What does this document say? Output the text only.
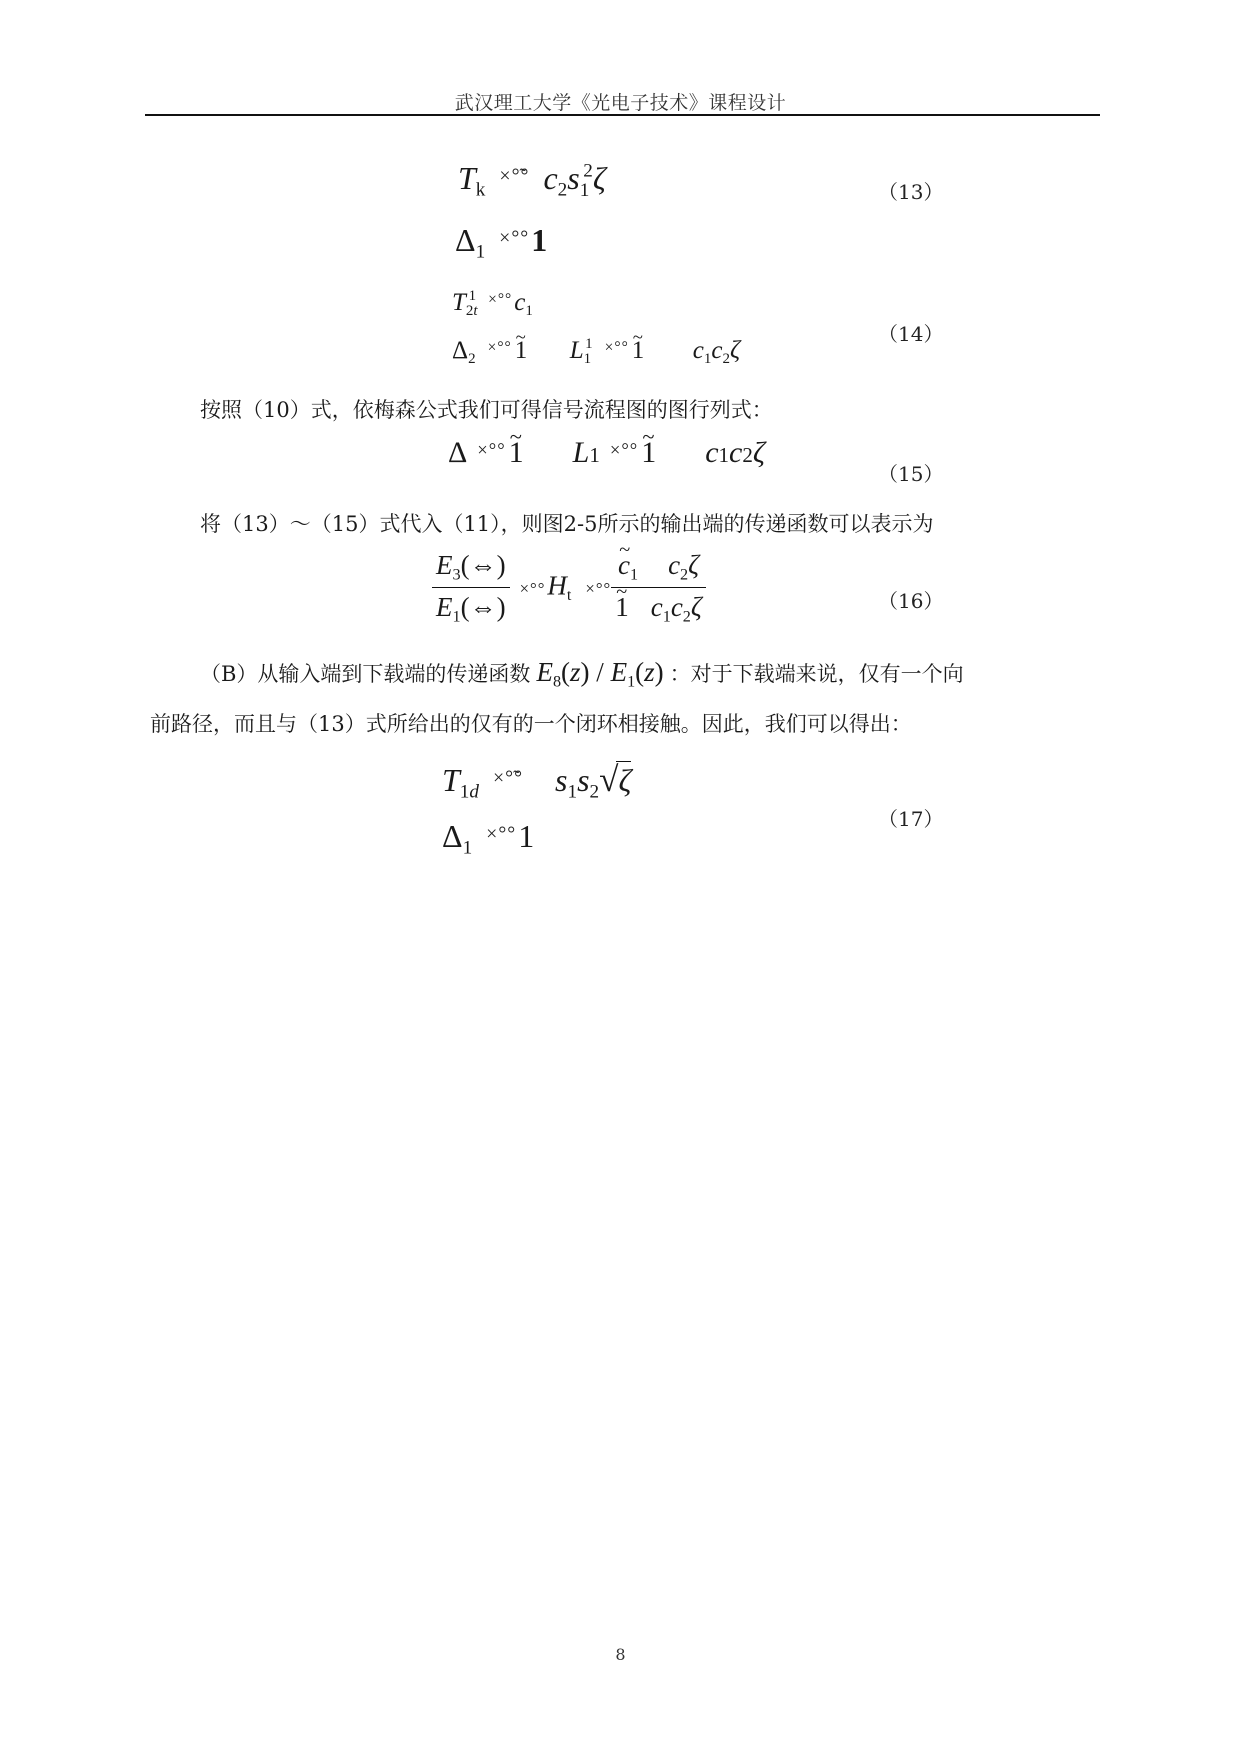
武汉理工大学《光电子技术》课程设计
$T_k^{\times^\circ̃^\circ}$ $c_2s_1^2\zeta$
$\Delta_1^{\times^\circ^\circ}1$
（13）
$T_{2t}^1$ $^{\times^\circ^\circ}c_1$
$\Delta_2^{\times^\circ^\circ}\sim$ 1 $L_1^1$ ×°°~ 1 $c_1c_2\zeta$
（14）
按照（10）式，依梅森公式我们可得信号流程图的图行列式：
Δ ×°°~ 1 L1 ×°°~ 1 c1c2ζ
（15）
将（13）～（15）式代入（11），则图2-5所示的输出端的传递函数可以表示为
$\frac{E_3(\Leftrightarrow)}{E_1(\Leftrightarrow)} \times^\circ^\circ H_t$ ×°°
~ $c_1$ $c_2\zeta$
~ 1 $c_1c_2\zeta$	（16）
（B）从输入端到下载端的传递函数 $E_8(z) / E_1(z)$ ：对于下载端来说，仅有一个向
前路径，而且与（13）式所给出的仅有的一个闭环相接触。因此，我们可以得出：
$T_{1d}^{\times^\circ̃^\circ}$ $s_1s_2√\zeta$
$\Delta_1^{\times^\circ^\circ}1$	（17）
8
